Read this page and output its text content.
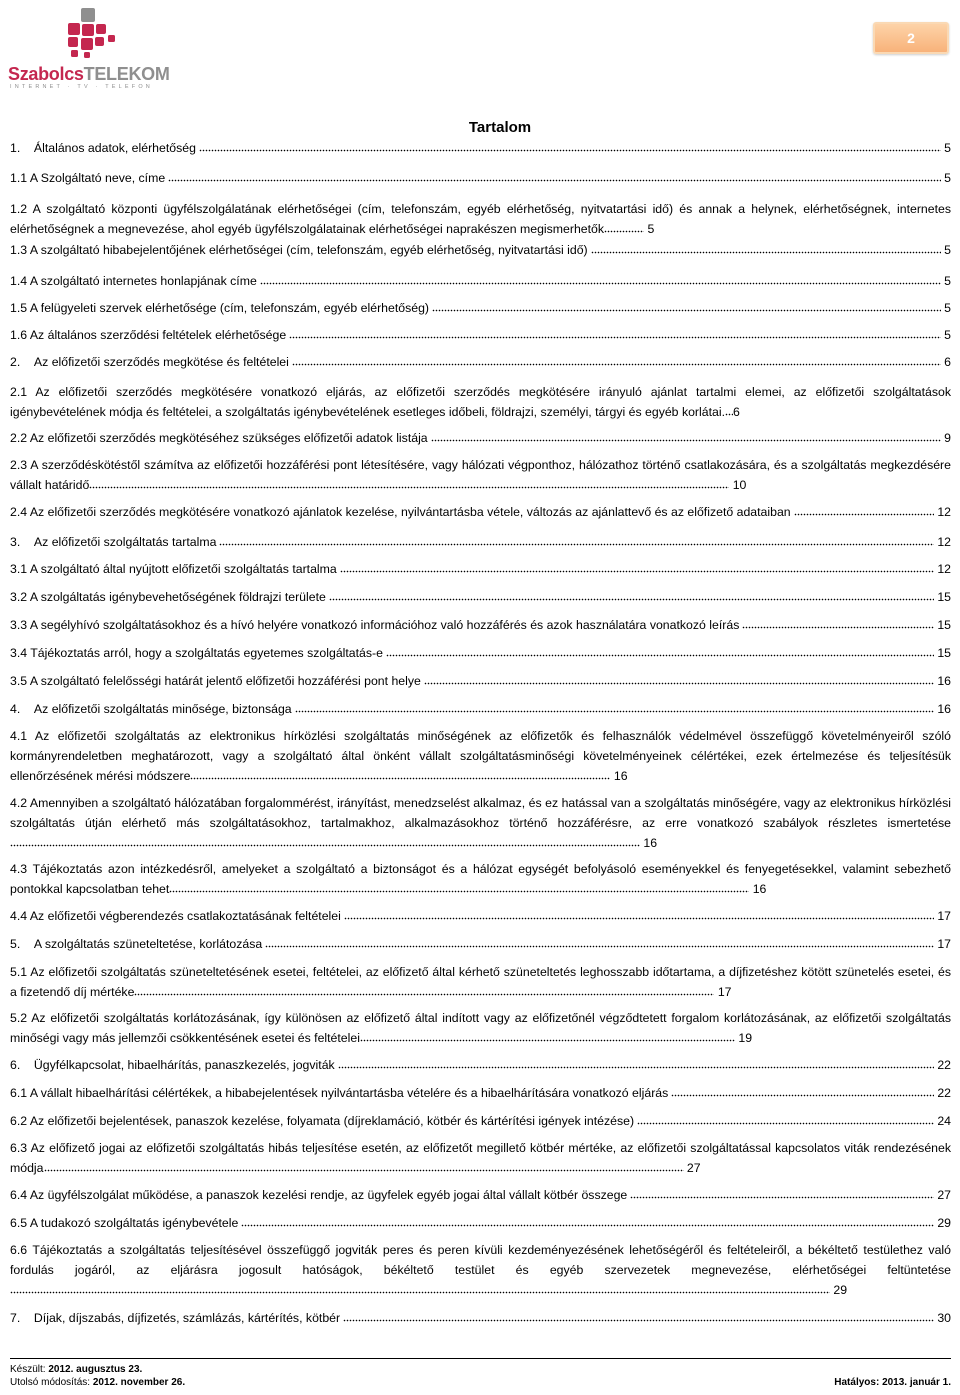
SzabolcsTELEKOM
INTERNET · TV · TELEFON
2
Tartalom
1.    Általános adatok, elérhetőség	5
1.1 A Szolgáltató neve, címe	5
1.2 A szolgáltató központi ügyfélszolgálatának elérhetőségei (cím, telefonszám, egyéb elérhetőség, nyitvatartási idő) és annak a helynek, elérhetőségnek, internetes elérhetőségnek a megnevezése, ahol egyéb ügyfélszolgálatainak elérhetőségei naprakészen megismerhetők	5
1.3 A szolgáltató hibabejelentőjének elérhetőségei (cím, telefonszám, egyéb elérhetőség, nyitvatartási idő)	5
1.4 A szolgáltató internetes honlapjának címe	5
1.5 A felügyeleti szervek elérhetősége (cím, telefonszám, egyéb elérhetőség)	5
1.6 Az általános szerződési feltételek elérhetősége	5
2.    Az előfizetői szerződés megkötése és feltételei	6
2.1 Az előfizetői szerződés megkötésére vonatkozó eljárás, az előfizetői szerződés megkötésére irányuló ajánlat tartalmi elemei, az előfizetői szolgáltatások igénybevételének módja és feltételei, a szolgáltatás igénybevételének esetleges időbeli, földrajzi, személyi, tárgyi és egyéb korlátai. 6
2.2 Az előfizetői szerződés megkötéséhez szükséges előfizetői adatok listája	9
2.3 A szerződéskötéstől számítva az előfizetői hozzáférési pont létesítésére, vagy hálózati végponthoz, hálózathoz történő csatlakozására, és a szolgáltatás megkezdésére vállalt határidő	10
2.4 Az előfizetői szerződés megkötésére vonatkozó ajánlatok kezelése, nyilvántartásba vétele, változás az ajánlattevő és az előfizető adataiban	12
3.    Az előfizetői szolgáltatás tartalma	12
3.1 A szolgáltató által nyújtott előfizetői szolgáltatás tartalma	12
3.2 A szolgáltatás igénybevehetőségének földrajzi területe	15
3.3 A segélyhívó szolgáltatásokhoz és a hívó helyére vonatkozó információhoz való hozzáférés és azok használatára vonatkozó leírás	15
3.4 Tájékoztatás arról, hogy a szolgáltatás egyetemes szolgáltatás-e	15
3.5 A szolgáltató felelősségi határát jelentő előfizetői hozzáférési pont helye	16
4.    Az előfizetői szolgáltatás minősége, biztonsága	16
4.1 Az előfizetői szolgáltatás az elektronikus hírközlési szolgáltatás minőségének az előfizetők és felhasználók védelmével összefüggő követelményeiről szóló kormányrendeletben meghatározott, vagy a szolgáltató által önként vállalt szolgáltatásminőségi követelményeinek célértékei, ezek értelmezése és teljesítésük ellenőrzésének mérési módszere	16
4.2 Amennyiben a szolgáltató hálózatában forgalommérést, irányítást, menedzselést alkalmaz, és ez hatással van a szolgáltatás minőségére, vagy az elektronikus hírközlési szolgáltatás útján elérhető más szolgáltatásokhoz, tartalmakhoz, alkalmazásokhoz történő hozzáférésre, az erre vonatkozó szabályok részletes ismertetése 16
4.3 Tájékoztatás azon intézkedésről, amelyeket a szolgáltató a biztonságot és a hálózat egységét befolyásoló eseményekkel és fenyegetésekkel, valamint sebezhető pontokkal kapcsolatban tehet	16
4.4 Az előfizetői végberendezés csatlakoztatásának feltételei	17
5.    A szolgáltatás szüneteltetése, korlátozása	17
5.1 Az előfizetői szolgáltatás szüneteltetésének esetei, feltételei, az előfizető által kérhető szüneteltetés leghosszabb időtartama, a díjfizetéshez kötött szünetelés esetei, és a fizetendő díj mértéke	17
5.2 Az előfizetői szolgáltatás korlátozásának, így különösen az előfizető által indított vagy az előfizetőnél végződtetett forgalom korlátozásának, az előfizetői szolgáltatás minőségi vagy más jellemzői csökkentésének esetei és feltételei	19
6.    Ügyfélkapcsolat, hibaelhárítás, panaszkezelés, jogviták	22
6.1 A vállalt hibaelhárítási célértékek, a hibabejelentések nyilvántartásba vételére és a hibaelhárítására vonatkozó eljárás	22
6.2 Az előfizetői bejelentések, panaszok kezelése, folyamata (díjreklamáció, kötbér és kártérítési igények intézése)	24
6.3 Az előfizető jogai az előfizetői szolgáltatás hibás teljesítése esetén, az előfizetőt megillető kötbér mértéke, az előfizetői szolgáltatással kapcsolatos viták rendezésének módja	27
6.4 Az ügyfélszolgálat működése, a panaszok kezelési rendje, az ügyfelek egyéb jogai által vállalt kötbér összege	27
6.5 A tudakozó szolgáltatás igénybevétele	29
6.6 Tájékoztatás a szolgáltatás teljesítésével összefüggő jogviták peres és peren kívüli kezdeményezésének lehetőségéről és feltételeiről, a békéltető testülethez való fordulás jogáról, az eljárásra jogosult hatóságok, békéltető testület és egyéb szervezetek megnevezése, elérhetőségei feltüntetése 29
7.    Díjak, díjszabás, díjfizetés, számlázás, kártérítés, kötbér	30
Készült: 2012. augusztus 23.
Utolsó módosítás: 2012. november 26.	Hatályos: 2013. január 1.
